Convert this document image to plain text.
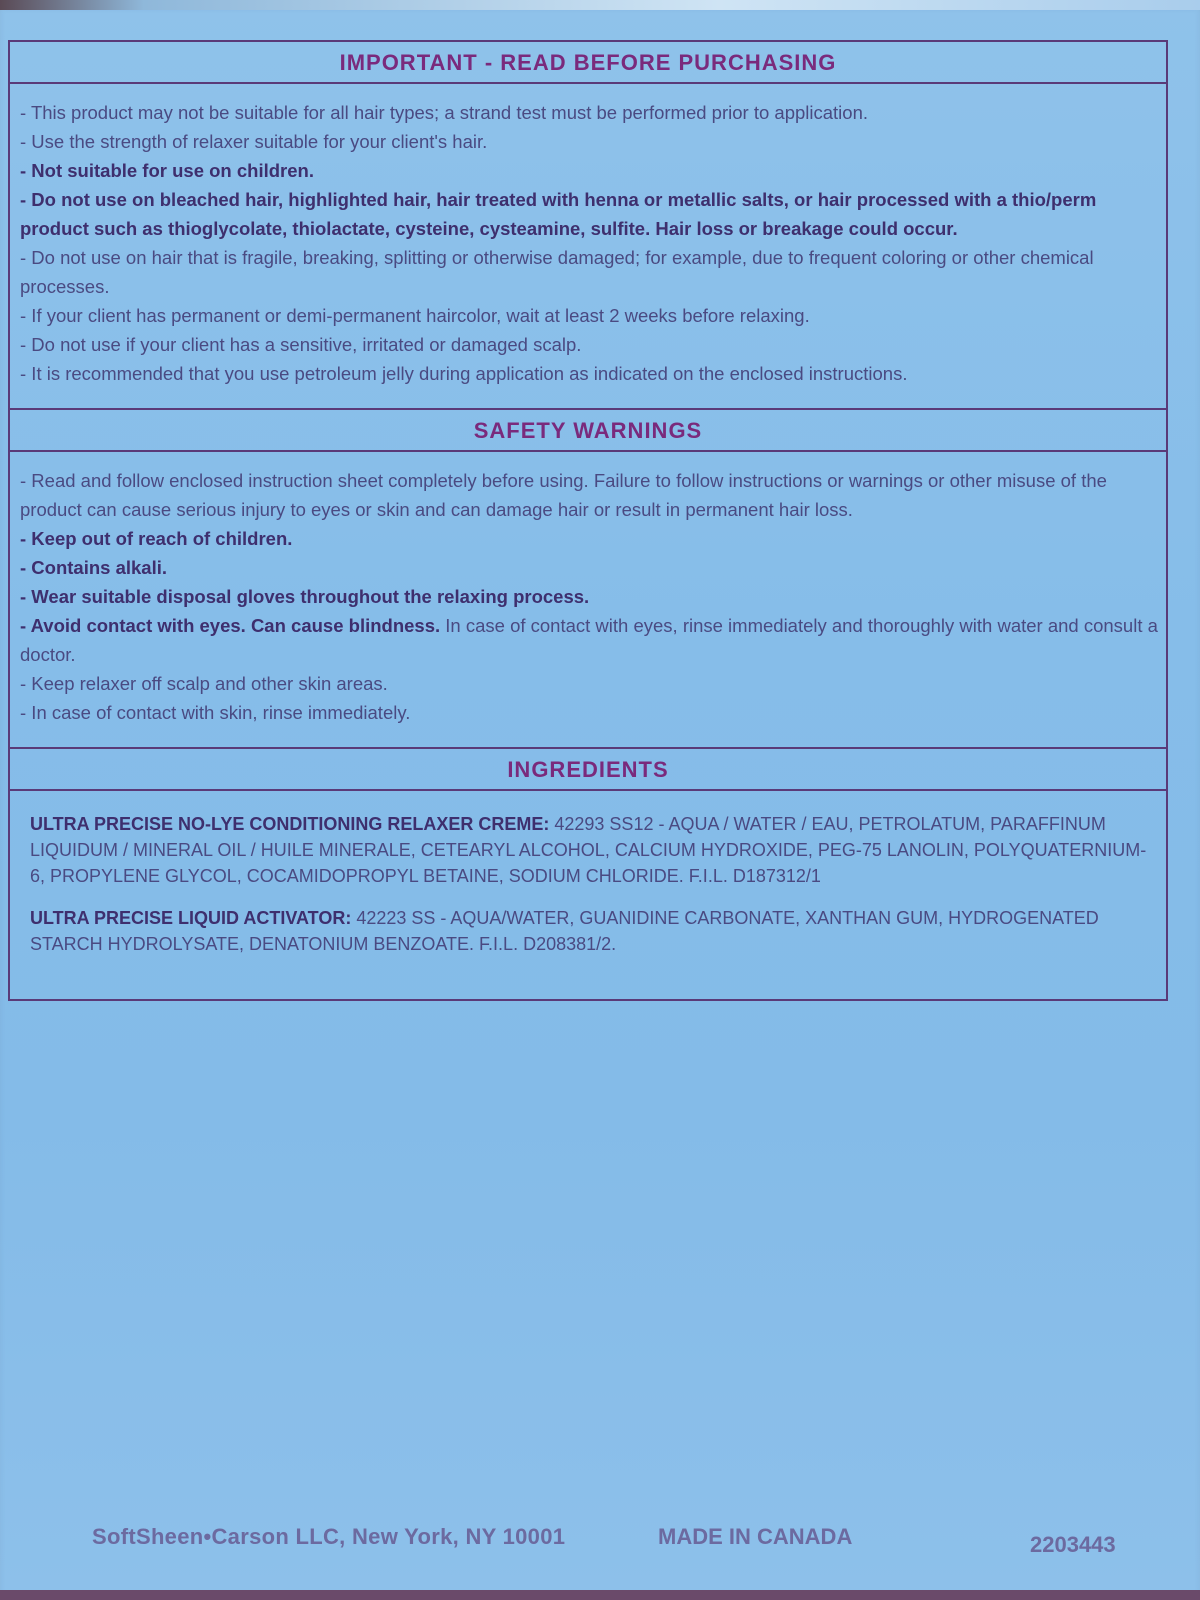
IMPORTANT - READ BEFORE PURCHASING
- This product may not be suitable for all hair types; a strand test must be performed prior to application.
- Use the strength of relaxer suitable for your client's hair.
- Not suitable for use on children.
- Do not use on bleached hair, highlighted hair, hair treated with henna or metallic salts, or hair processed with a thio/perm product such as thioglycolate, thiolactate, cysteine, cysteamine, sulfite. Hair loss or breakage could occur.
- Do not use on hair that is fragile, breaking, splitting or otherwise damaged; for example, due to frequent coloring or other chemical processes.
- If your client has permanent or demi-permanent haircolor, wait at least 2 weeks before relaxing.
- Do not use if your client has a sensitive, irritated or damaged scalp.
- It is recommended that you use petroleum jelly during application as indicated on the enclosed instructions.
SAFETY WARNINGS
- Read and follow enclosed instruction sheet completely before using. Failure to follow instructions or warnings or other misuse of the product can cause serious injury to eyes or skin and can damage hair or result in permanent hair loss.
- Keep out of reach of children.
- Contains alkali.
- Wear suitable disposal gloves throughout the relaxing process.
- Avoid contact with eyes. Can cause blindness. In case of contact with eyes, rinse immediately and thoroughly with water and consult a doctor.
- Keep relaxer off scalp and other skin areas.
- In case of contact with skin, rinse immediately.
INGREDIENTS

ULTRA PRECISE NO-LYE CONDITIONING RELAXER CREME: 42293 SS12 - AQUA / WATER / EAU, PETROLATUM, PARAFFINUM LIQUIDUM / MINERAL OIL / HUILE MINERALE, CETEARYL ALCOHOL, CALCIUM HYDROXIDE, PEG-75 LANOLIN, POLYQUATERNIUM-6, PROPYLENE GLYCOL, COCAMIDOPROPYL BETAINE, SODIUM CHLORIDE. F.I.L. D187312/1

ULTRA PRECISE LIQUID ACTIVATOR: 42223 SS - AQUA/WATER, GUANIDINE CARBONATE, XANTHAN GUM, HYDROGENATED STARCH HYDROLYSATE, DENATONIUM BENZOATE. F.I.L. D208381/2.

SoftSheen•Carson LLC, New York, NY 10001	MADE IN CANADA	2203443
